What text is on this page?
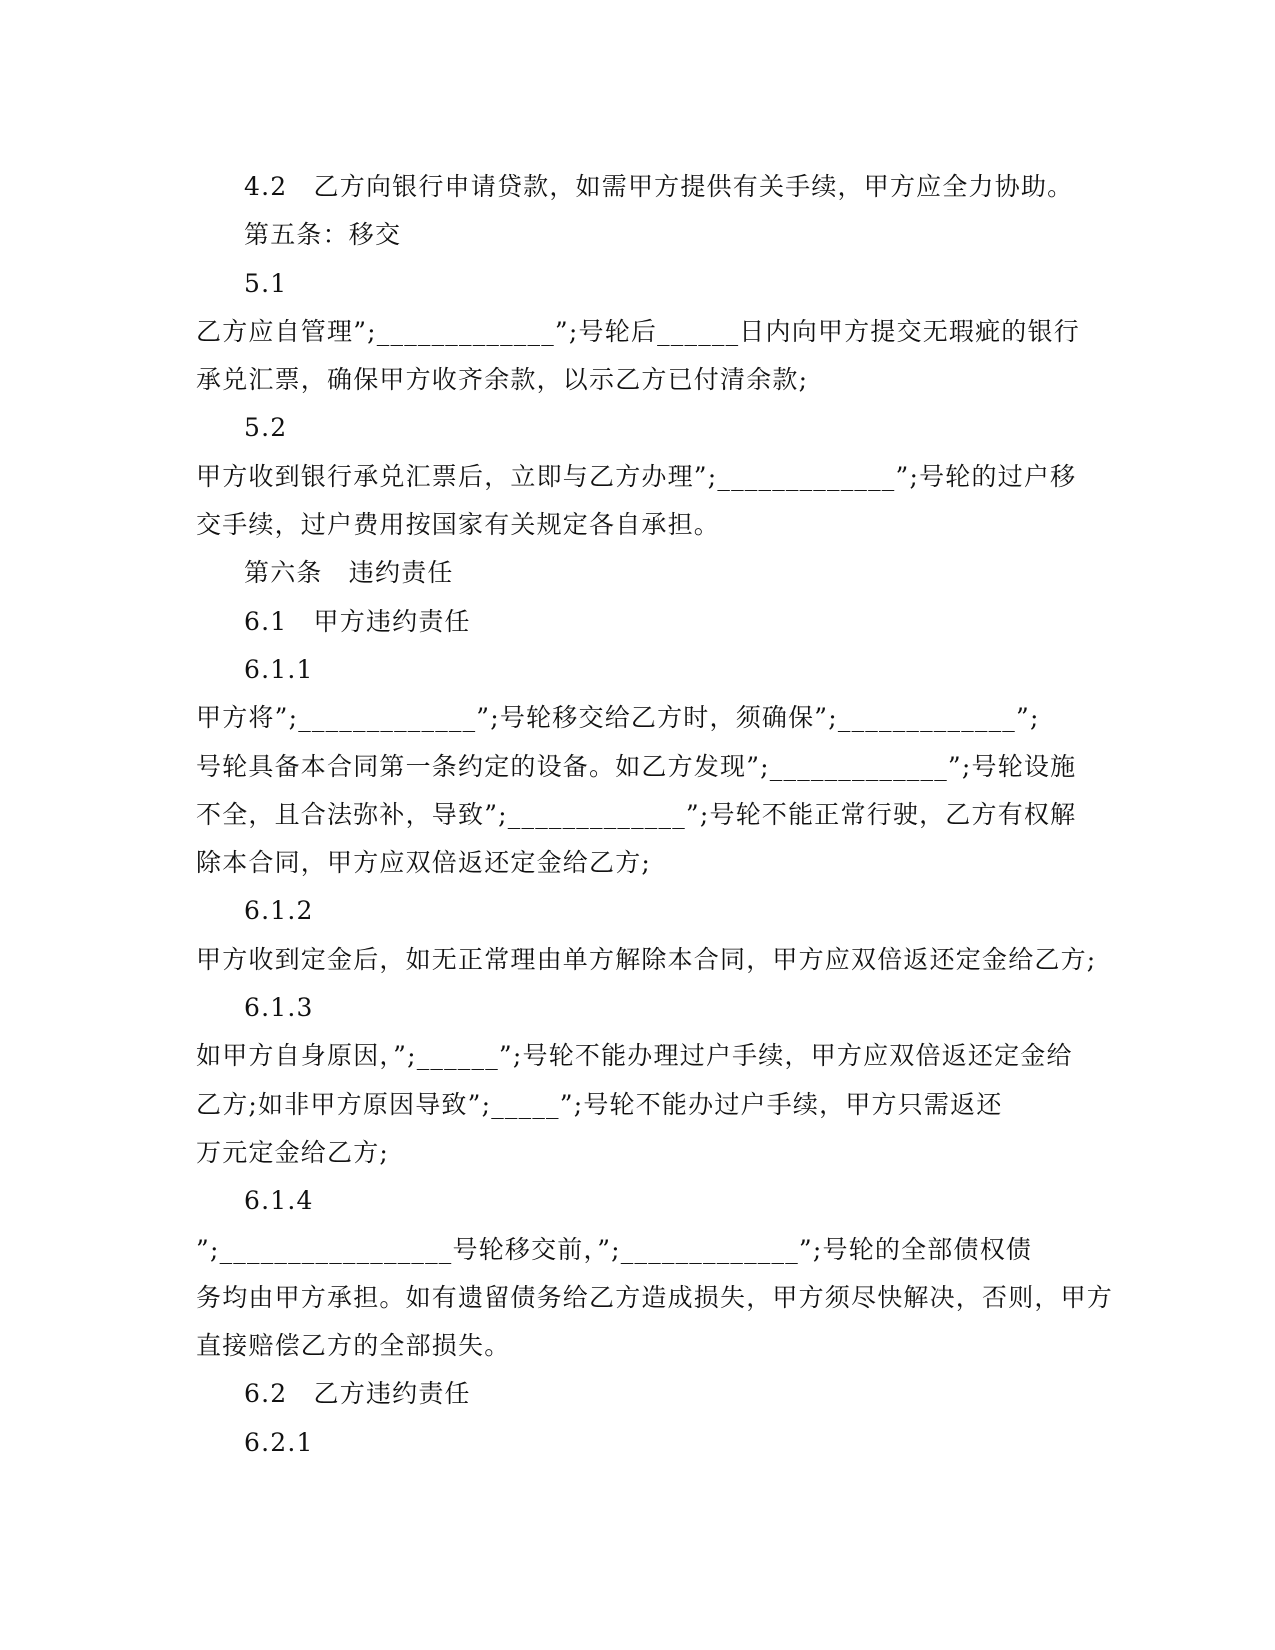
4.2　乙方向银行申请贷款，如需甲方提供有关手续，甲方应全力协助。
第五条：移交
5.1
乙方应自管理”;_____________”;号轮后______日内向甲方提交无瑕疵的银行
承兑汇票，确保甲方收齐余款，以示乙方已付清余款;
5.2
甲方收到银行承兑汇票后，立即与乙方办理”;_____________”;号轮的过户移
交手续，过户费用按国家有关规定各自承担。
第六条　违约责任
6.1　甲方违约责任
6.1.1
甲方将”;_____________”;号轮移交给乙方时，须确保”;_____________”;
号轮具备本合同第一条约定的设备。如乙方发现”;_____________”;号轮设施
不全，且合法弥补，导致”;_____________”;号轮不能正常行驶，乙方有权解
除本合同，甲方应双倍返还定金给乙方;
6.1.2
甲方收到定金后，如无正常理由单方解除本合同，甲方应双倍返还定金给乙方;
6.1.3
如甲方自身原因，”;______”;号轮不能办理过户手续，甲方应双倍返还定金给
乙方;如非甲方原因导致”;_____”;号轮不能办过户手续，甲方只需返还
万元定金给乙方;
6.1.4
”;_________________号轮移交前，”;_____________”;号轮的全部债权债
务均由甲方承担。如有遗留债务给乙方造成损失，甲方须尽快解决，否则，甲方
直接赔偿乙方的全部损失。
6.2　乙方违约责任
6.2.1
